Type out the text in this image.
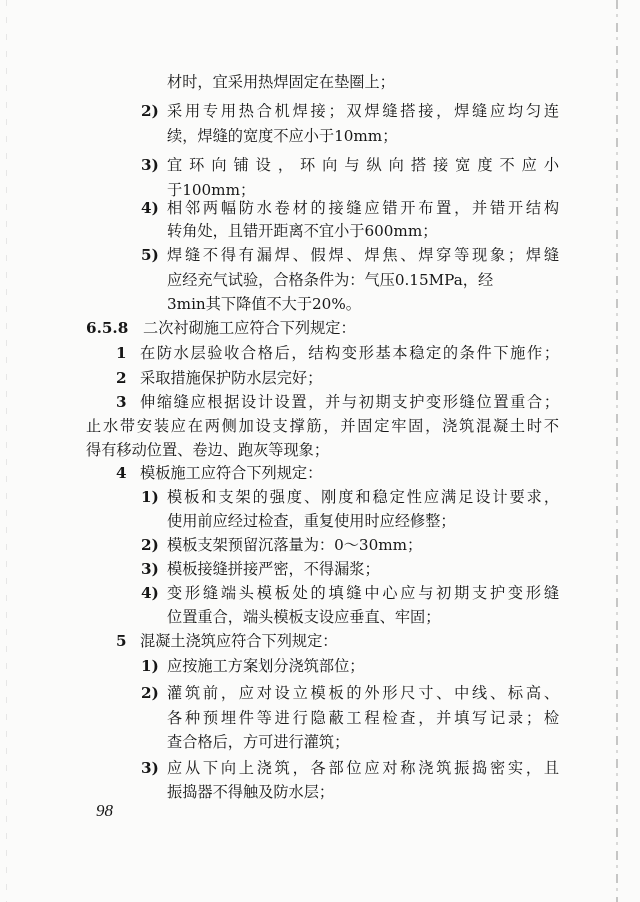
材时，宜采用热焊固定在垫圈上；
2) 采用专用热合机焊接；双焊缝搭接，焊缝应均匀连
续，焊缝的宽度不应小于10mm；
3) 宜环向铺设，环向与纵向搭接宽度不应小
于100mm；
4) 相邻两幅防水卷材的接缝应错开布置，并错开结构
转角处，且错开距离不宜小于600mm；
5) 焊缝不得有漏焊、假焊、焊焦、焊穿等现象；焊缝
应经充气试验，合格条件为：气压0.15MPa，经
3min其下降值不大于20%。
6.5.8 二次衬砌施工应符合下列规定：
1 在防水层验收合格后，结构变形基本稳定的条件下施作；
2 采取措施保护防水层完好；
3 伸缩缝应根据设计设置，并与初期支护变形缝位置重合；
止水带安装应在两侧加设支撑筋，并固定牢固，浇筑混凝土时不
得有移动位置、卷边、跑灰等现象；
4 模板施工应符合下列规定：
1) 模板和支架的强度、刚度和稳定性应满足设计要求，
使用前应经过检查，重复使用时应经修整；
2) 模板支架预留沉落量为：0～30mm；
3) 模板接缝拼接严密，不得漏浆；
4) 变形缝端头模板处的填缝中心应与初期支护变形缝
位置重合，端头模板支设应垂直、牢固；
5 混凝土浇筑应符合下列规定：
1) 应按施工方案划分浇筑部位；
2) 灌筑前，应对设立模板的外形尺寸、中线、标高、
各种预埋件等进行隐蔽工程检查，并填写记录；检
查合格后，方可进行灌筑；
3) 应从下向上浇筑，各部位应对称浇筑振捣密实，且
振捣器不得触及防水层；
98
